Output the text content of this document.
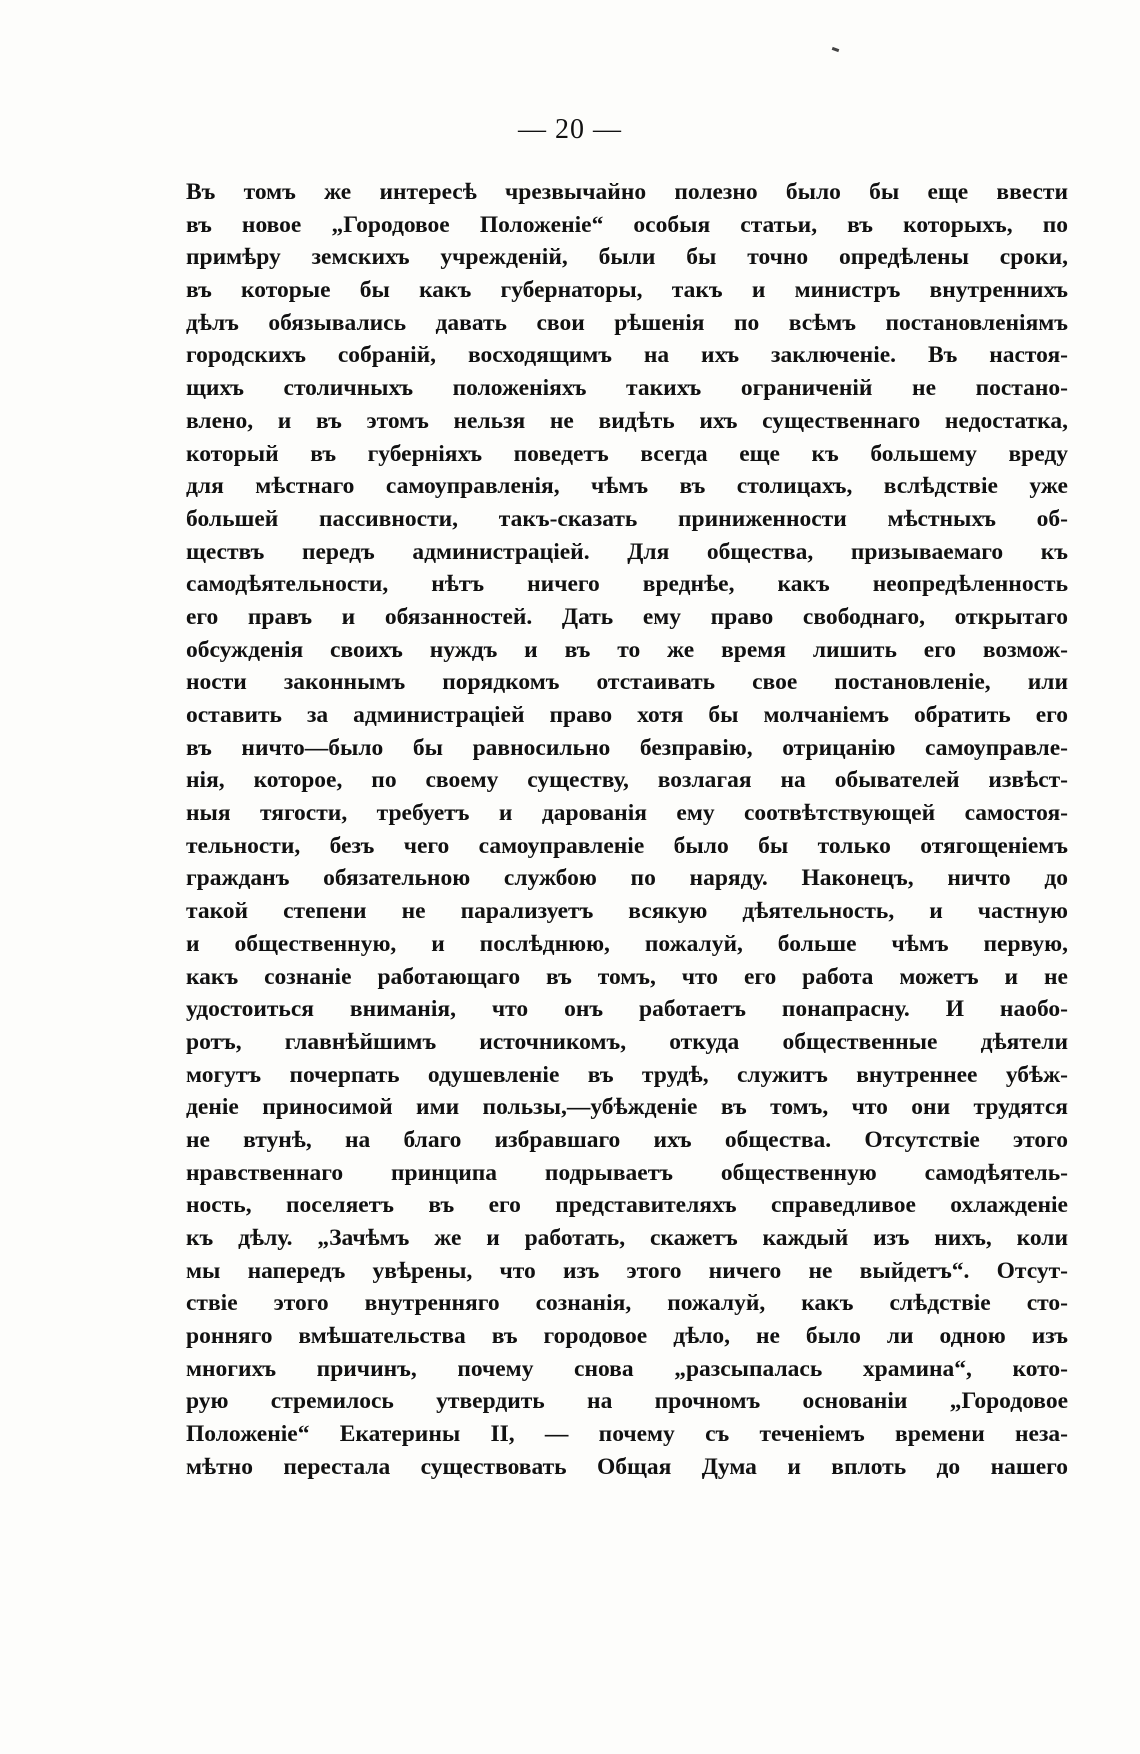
— 20 —
Въ томъ же интересѣ чрезвычайно полезно было бы еще ввести
въ новое „Городовое Положеніе“ особыя статьи, въ которыхъ, по
примѣру земскихъ учрежденій, были бы точно опредѣлены сроки,
въ которые бы какъ губернаторы, такъ и министръ внутреннихъ
дѣлъ обязывались давать свои рѣшенія по всѣмъ постановленіямъ
городскихъ собраній, восходящимъ на ихъ заключеніе. Въ настоя-
щихъ столичныхъ положеніяхъ такихъ ограниченій не постано-
влено, и въ этомъ нельзя не видѣть ихъ существеннаго недостатка,
который въ губерніяхъ поведетъ всегда еще къ большему вреду
для мѣстнаго самоуправленія, чѣмъ въ столицахъ, вслѣдствіе уже
большей пассивности, такъ-сказать приниженности мѣстныхъ об-
ществъ передъ администраціей. Для общества, призываемаго къ
самодѣятельности, нѣтъ ничего вреднѣе, какъ неопредѣленность
его правъ и обязанностей. Дать ему право свободнаго, открытаго
обсужденія своихъ нуждъ и въ то же время лишить его возмож-
ности законнымъ порядкомъ отстаивать свое постановленіе, или
оставить за администраціей право хотя бы молчаніемъ обратить его
въ ничто—было бы равносильно безправію, отрицанію самоуправле-
нія, которое, по своему существу, возлагая на обывателей извѣст-
ныя тягости, требуетъ и дарованія ему соотвѣтствующей самостоя-
тельности, безъ чего самоуправленіе было бы только отягощеніемъ
гражданъ обязательною службою по наряду. Наконецъ, ничто до
такой степени не парализуетъ всякую дѣятельность, и частную
и общественную, и послѣднюю, пожалуй, больше чѣмъ первую,
какъ сознаніе работающаго въ томъ, что его работа можетъ и не
удостоиться вниманія, что онъ работаетъ понапрасну. И наобо-
ротъ, главнѣйшимъ источникомъ, откуда общественные дѣятели
могутъ почерпать одушевленіе въ трудѣ, служитъ внутреннее убѣж-
деніе приносимой ими пользы,—убѣжденіе въ томъ, что они трудятся
не втунѣ, на благо избравшаго ихъ общества. Отсутствіе этого
нравственнаго принципа подрываетъ общественную самодѣятель-
ность, поселяетъ въ его представителяхъ справедливое охлажденіе
къ дѣлу. „Зачѣмъ же и работать, скажетъ каждый изъ нихъ, коли
мы напередъ увѣрены, что изъ этого ничего не выйдетъ“. Отсут-
ствіе этого внутренняго сознанія, пожалуй, какъ слѣдствіе сто-
ронняго вмѣшательства въ городовое дѣло, не было ли одною изъ
многихъ причинъ, почему снова „разсыпалась храмина“, кото-
рую стремилось утвердить на прочномъ основаніи „Городовое
Положеніе“ Екатерины II, — почему съ теченіемъ времени неза-
мѣтно перестала существовать Общая Дума и вплоть до нашего
